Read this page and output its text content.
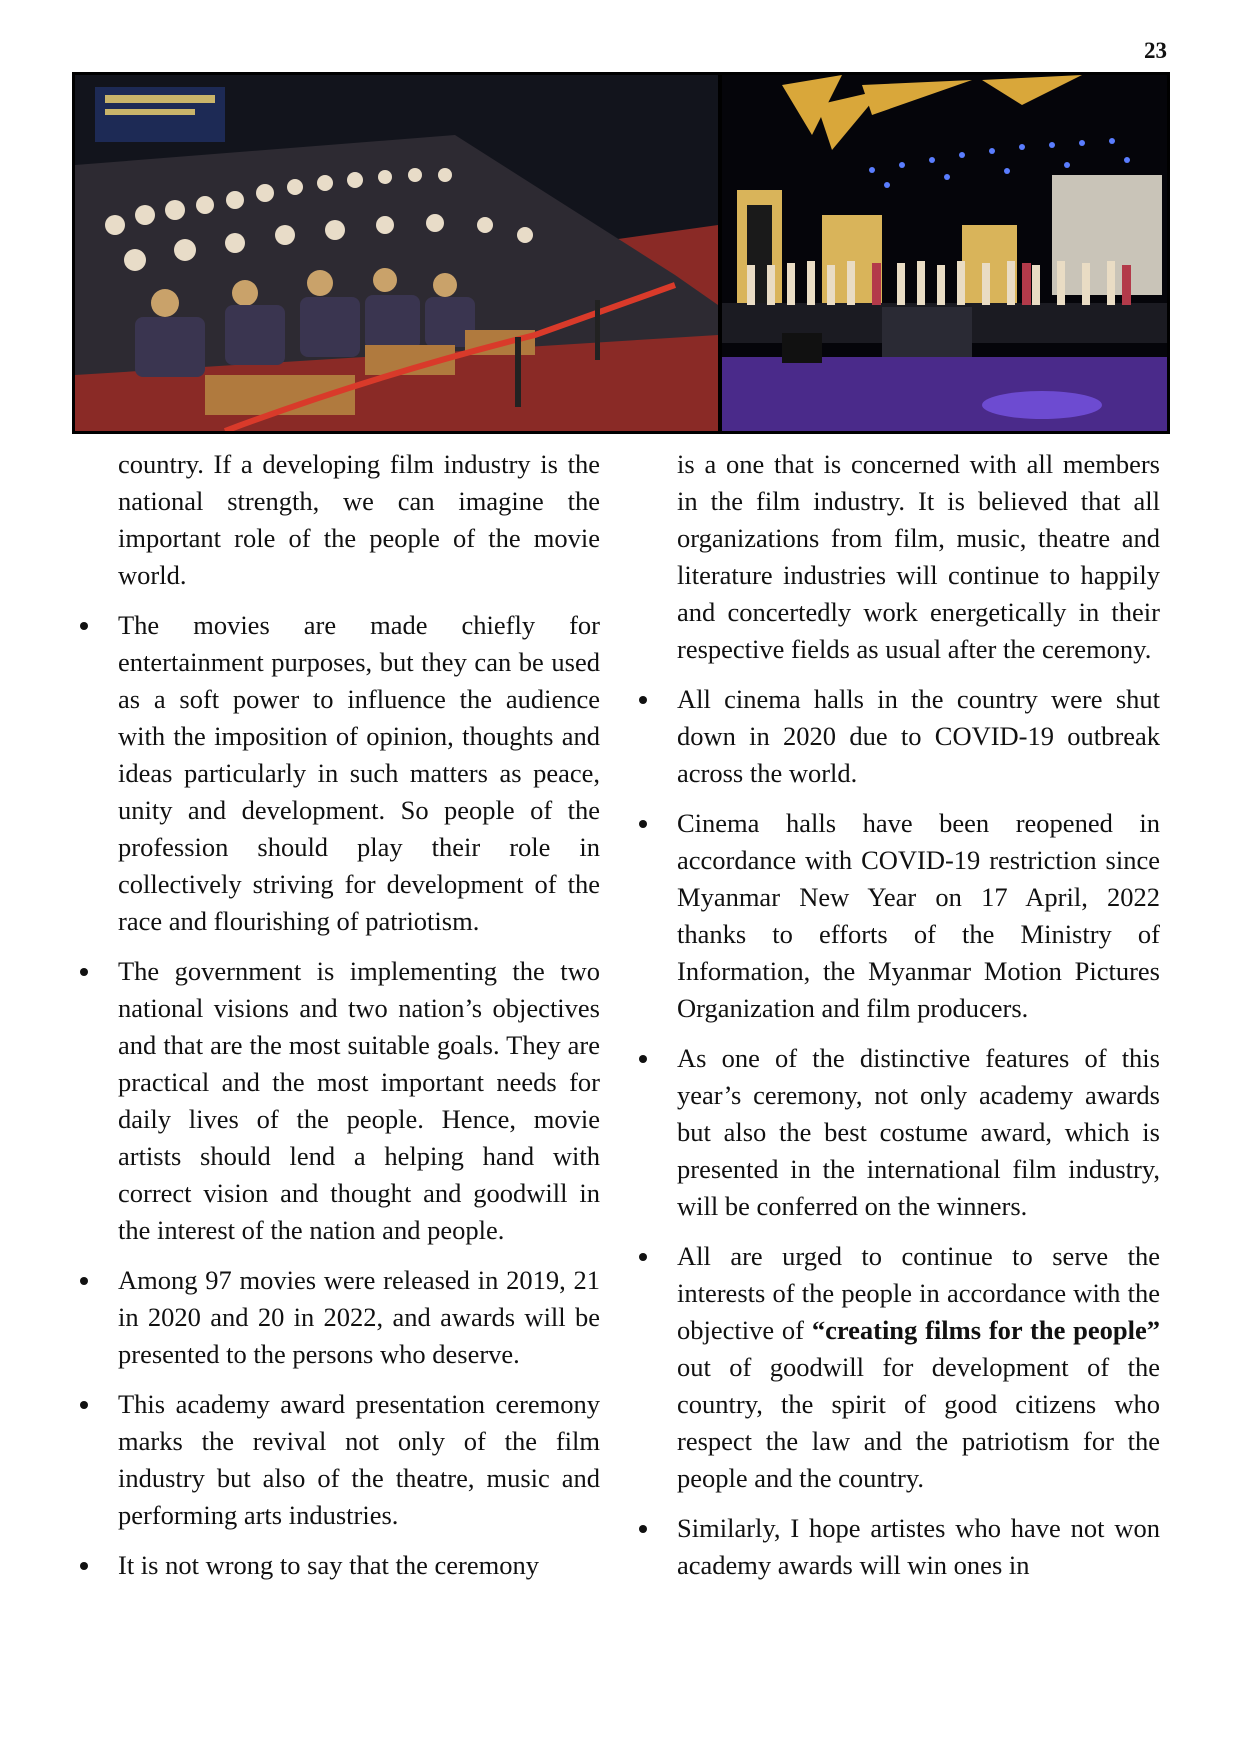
23

country. If a developing film industry is the national strength, we can imagine the important role of the people of the movie world.

The movies are made chiefly for entertainment purposes, but they can be used as a soft power to influence the audience with the imposition of opinion, thoughts and ideas particularly in such matters as peace, unity and development. So people of the profession should play their role in collectively striving for development of the race and flourishing of patriotism.
The government is implementing the two national visions and two nation’s objectives and that are the most suitable goals. They are practical and the most important needs for daily lives of the people. Hence, movie artists should lend a helping hand with correct vision and thought and goodwill in the interest of the nation and people.
Among 97 movies were released in 2019, 21 in 2020 and 20 in 2022, and awards will be presented to the persons who deserve.
This academy award presentation ceremony marks the revival not only of the film industry but also of the theatre, music and performing arts industries.
It is not wrong to say that the ceremony

is a one that is concerned with all members in the film industry. It is believed that all organizations from film, music, theatre and literature industries will continue to happily and concertedly work energetically in their respective fields as usual after the ceremony.

All cinema halls in the country were shut down in 2020 due to COVID-19 outbreak across the world.
Cinema halls have been reopened in accordance with COVID-19 restriction since Myanmar New Year on 17 April, 2022 thanks to efforts of the Ministry of Information, the Myanmar Motion Pictures Organization and film producers.
As one of the distinctive features of this year’s ceremony, not only academy awards but also the best costume award, which is presented in the international film industry, will be conferred on the winners.
All are urged to continue to serve the interests of the people in accordance with the objective of “creating films for the people” out of goodwill for development of the country, the spirit of good citizens who respect the law and the patriotism for the people and the country.
Similarly, I hope artistes who have not won academy awards will win ones in
